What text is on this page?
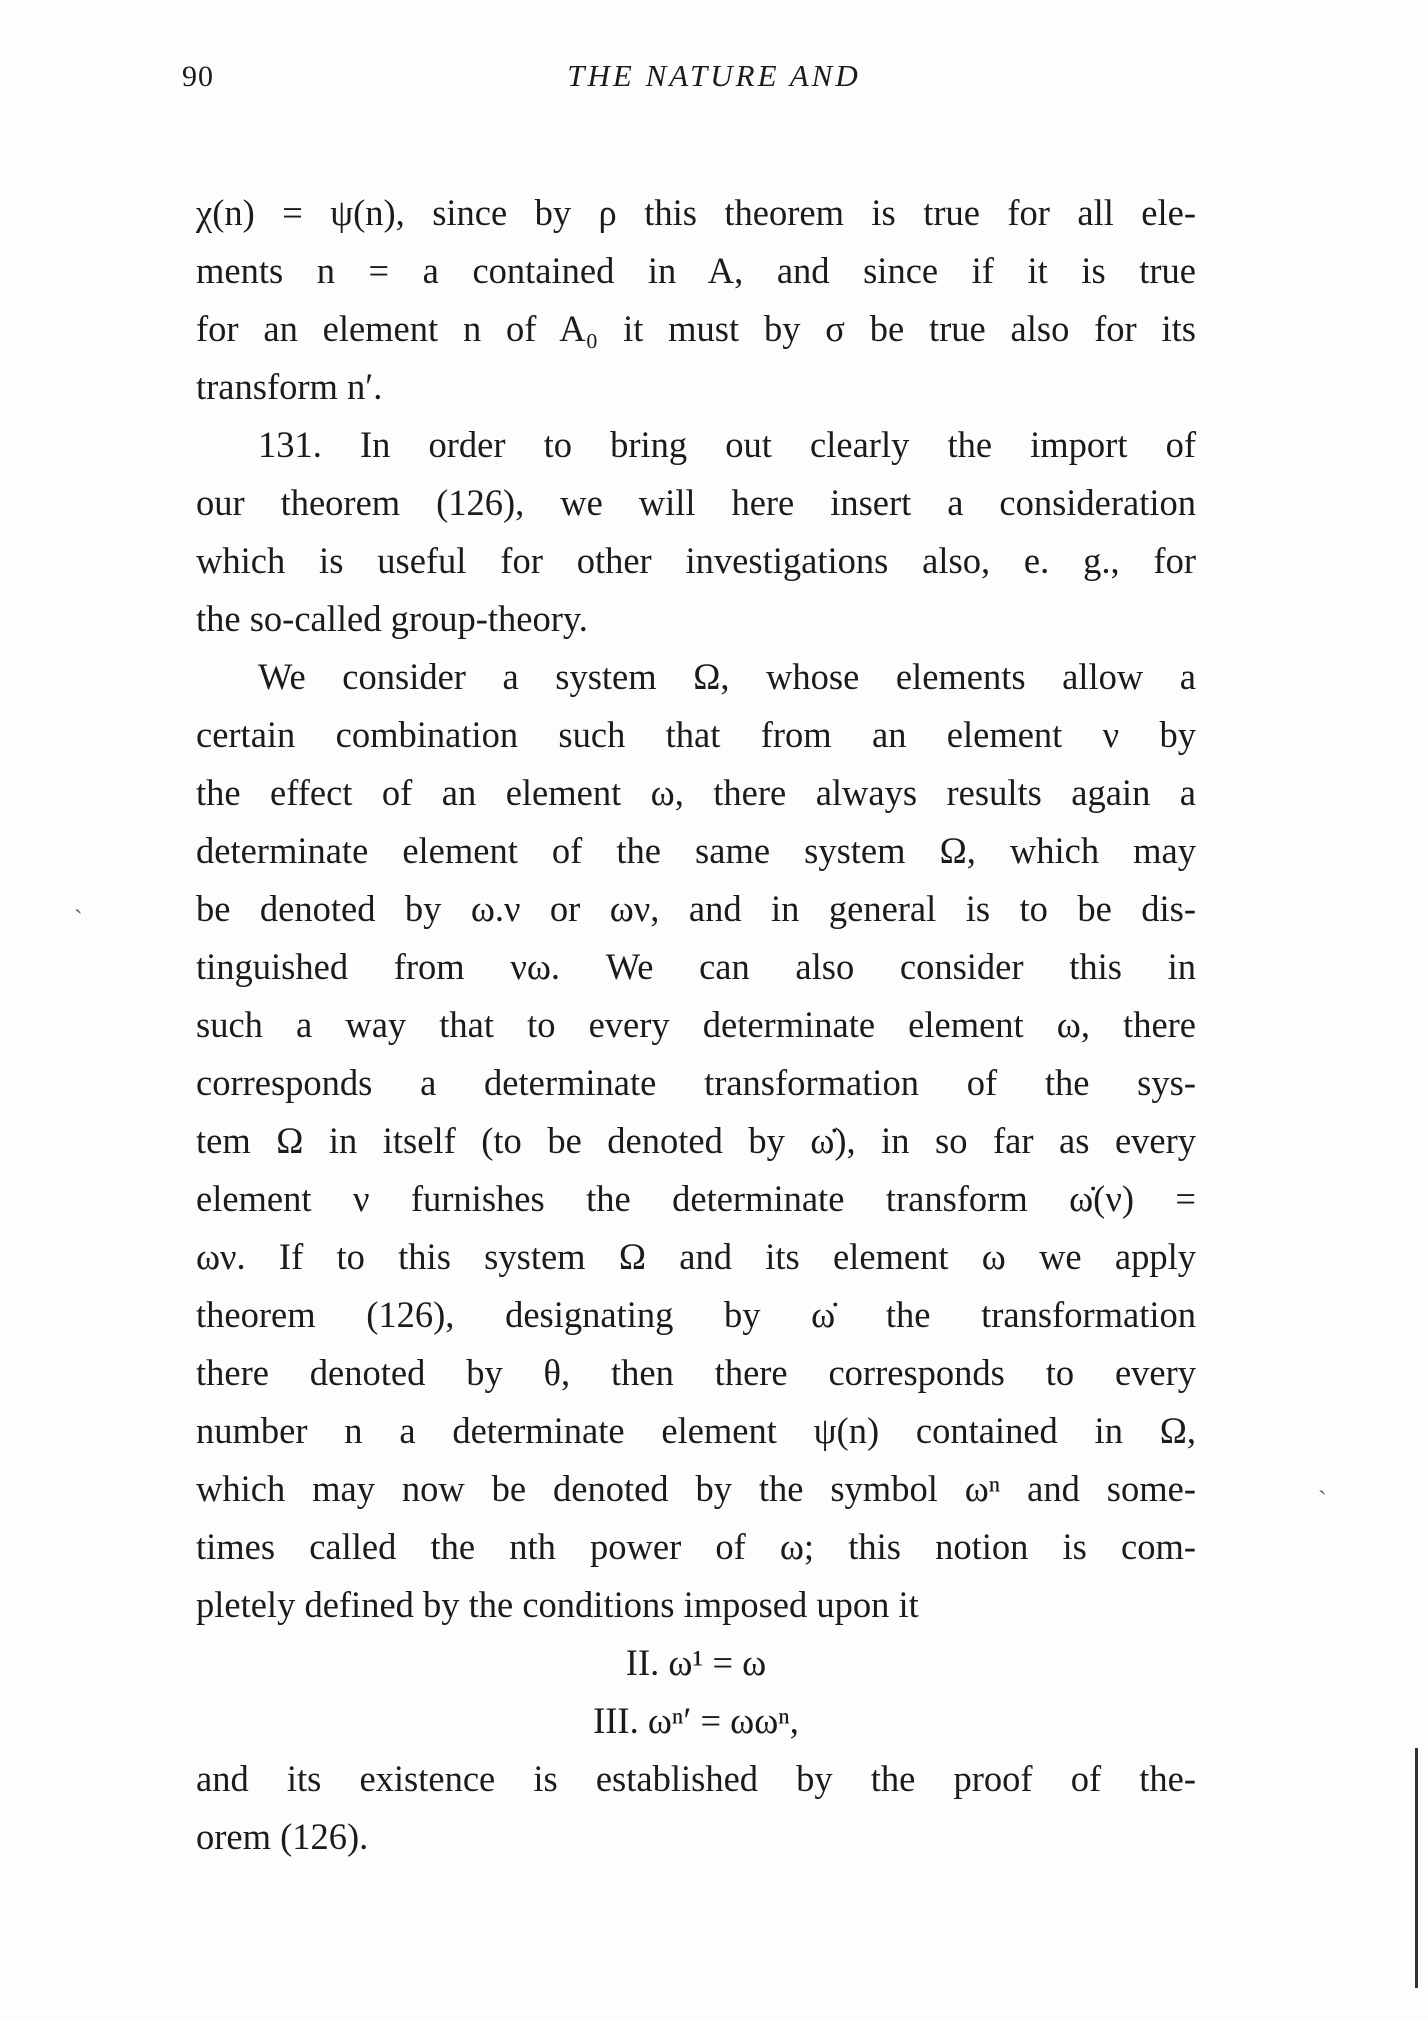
90	THE NATURE AND
χ(n) = ψ(n), since by ρ this theorem is true for all ele-
ments n = a contained in A, and since if it is true
for an element n of A₀ it must by σ be true also for its
transform n′.
131. In order to bring out clearly the import of
our theorem (126), we will here insert a consideration
which is useful for other investigations also, e. g., for
the so-called group-theory.
We consider a system Ω, whose elements allow a
certain combination such that from an element ν by
the effect of an element ω, there always results again a
determinate element of the same system Ω, which may
be denoted by ω.ν or ων, and in general is to be dis-
tinguished from νω. We can also consider this in
such a way that to every determinate element ω, there
corresponds a determinate transformation of the sys-
tem Ω in itself (to be denoted by ω̇), in so far as every
element ν furnishes the determinate transform ω̇(ν) =
ων. If to this system Ω and its element ω we apply
theorem (126), designating by ω̇ the transformation
there denoted by θ, then there corresponds to every
number n a determinate element ψ(n) contained in Ω,
which may now be denoted by the symbol ωⁿ and some-
times called the nth power of ω; this notion is com-
pletely defined by the conditions imposed upon it
II. ω¹ = ω
III. ωⁿ′ = ωωⁿ,
and its existence is established by the proof of the-
orem (126).
ˏ
ˎ
